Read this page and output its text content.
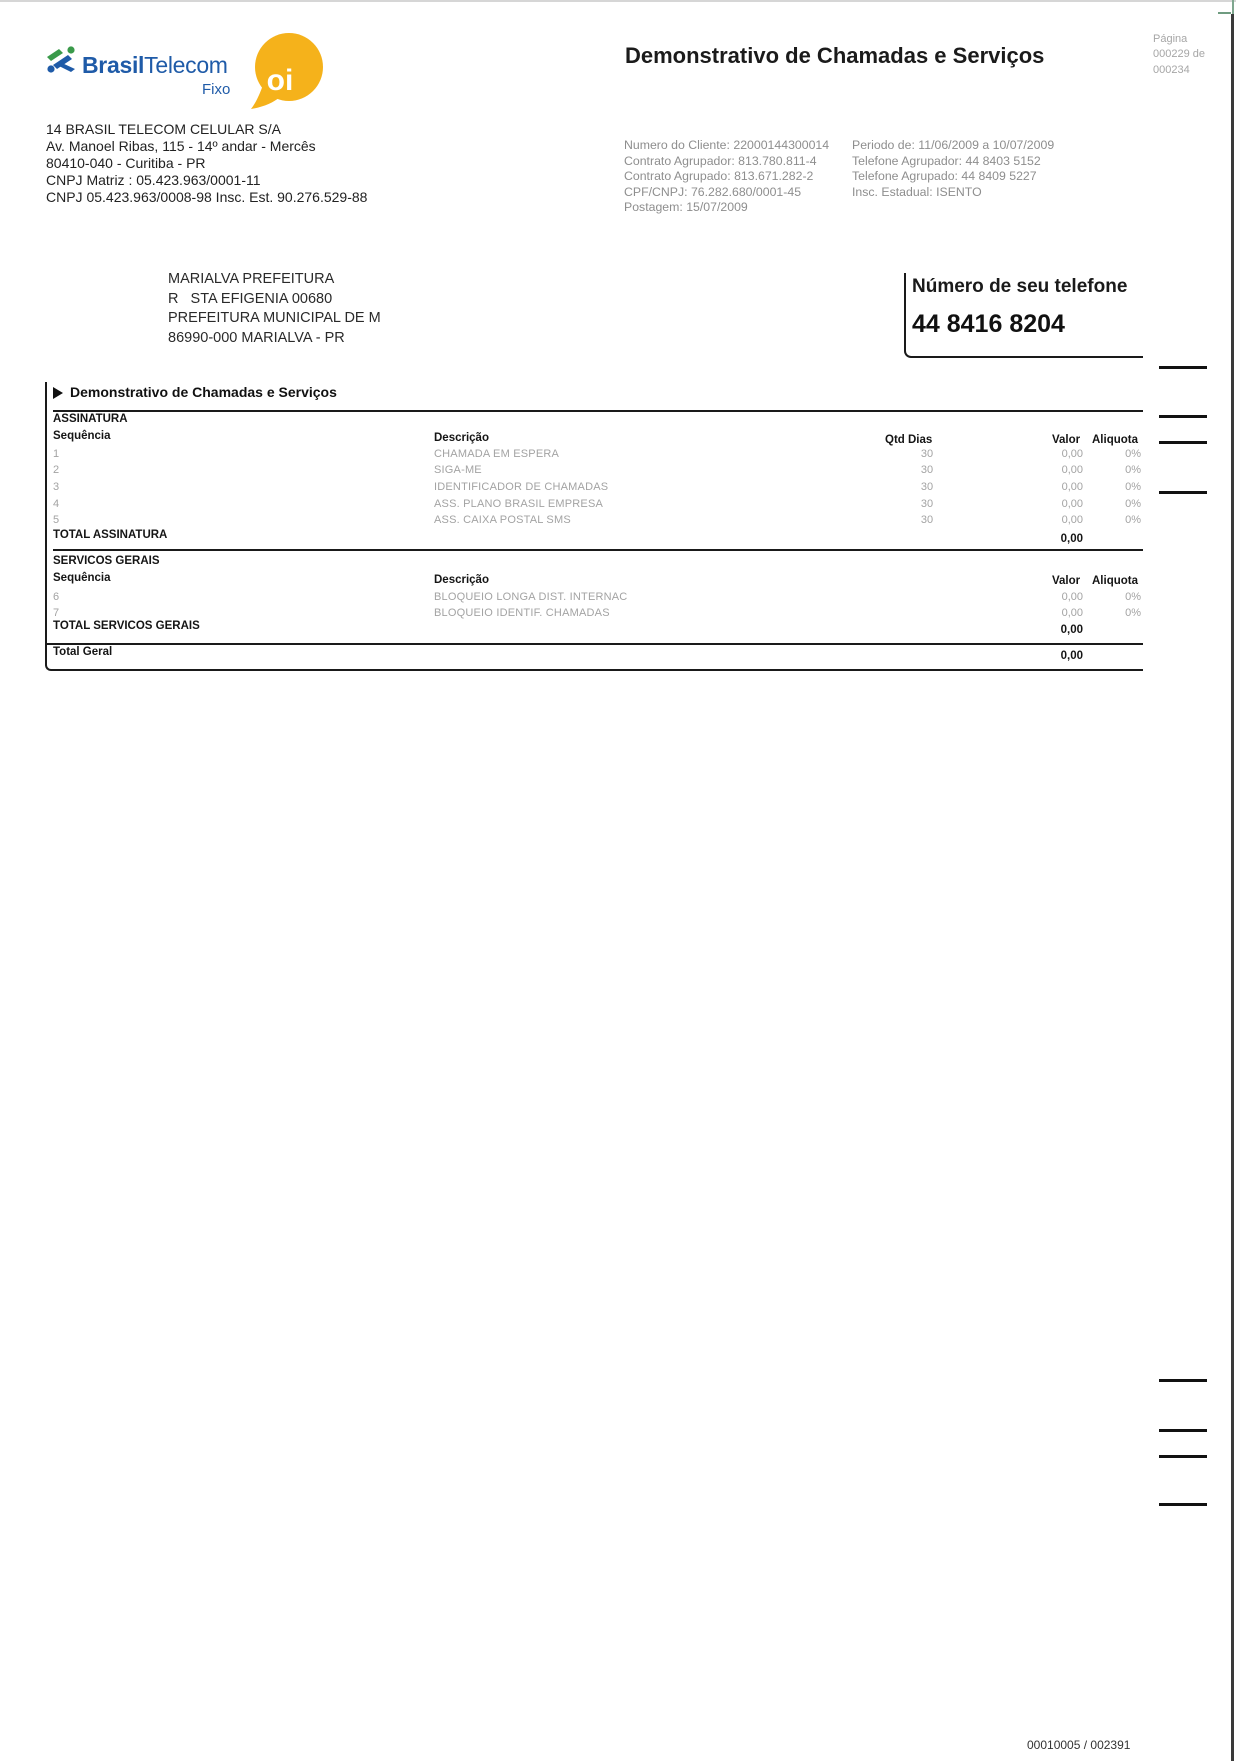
BrasilTelecom
Fixo oi
Demonstrativo de Chamadas e Serviços
Página
000229 de
000234
14 BRASIL TELECOM CELULAR S/A
Av. Manoel Ribas, 115 - 14º andar - Mercês
80410-040 - Curitiba - PR
CNPJ Matriz : 05.423.963/0001-11
CNPJ 05.423.963/0008-98 Insc. Est. 90.276.529-88
Numero do Cliente: 22000144300014
Contrato Agrupador: 813.780.811-4
Contrato Agrupado: 813.671.282-2
CPF/CNPJ: 76.282.680/0001-45
Postagem: 15/07/2009
Periodo de: 11/06/2009 a 10/07/2009
Telefone Agrupador: 44 8403 5152
Telefone Agrupado: 44 8409 5227
Insc. Estadual: ISENTO
MARIALVA PREFEITURA
R   STA EFIGENIA 00680
PREFEITURA MUNICIPAL DE M
86990-000 MARIALVA - PR
Número de seu telefone
44 8416 8204
Demonstrativo de Chamadas e Serviços
ASSINATURA
Sequência	Descrição	Qtd Dias	Valor Aliquota
1	CHAMADA EM ESPERA	30	0,00	0%
2	SIGA-ME	30	0,00	0%
3	IDENTIFICADOR DE CHAMADAS	30	0,00	0%
4	ASS. PLANO BRASIL EMPRESA	30	0,00	0%
5	ASS. CAIXA POSTAL SMS	30	0,00	0%
TOTAL ASSINATURA	0,00
SERVICOS GERAIS
Sequência	Descrição	Valor Aliquota
6	BLOQUEIO LONGA DIST. INTERNAC	0,00	0%
7	BLOQUEIO IDENTIF. CHAMADAS	0,00	0%
TOTAL SERVICOS GERAIS	0,00
Total Geral	0,00
00010005 / 002391
